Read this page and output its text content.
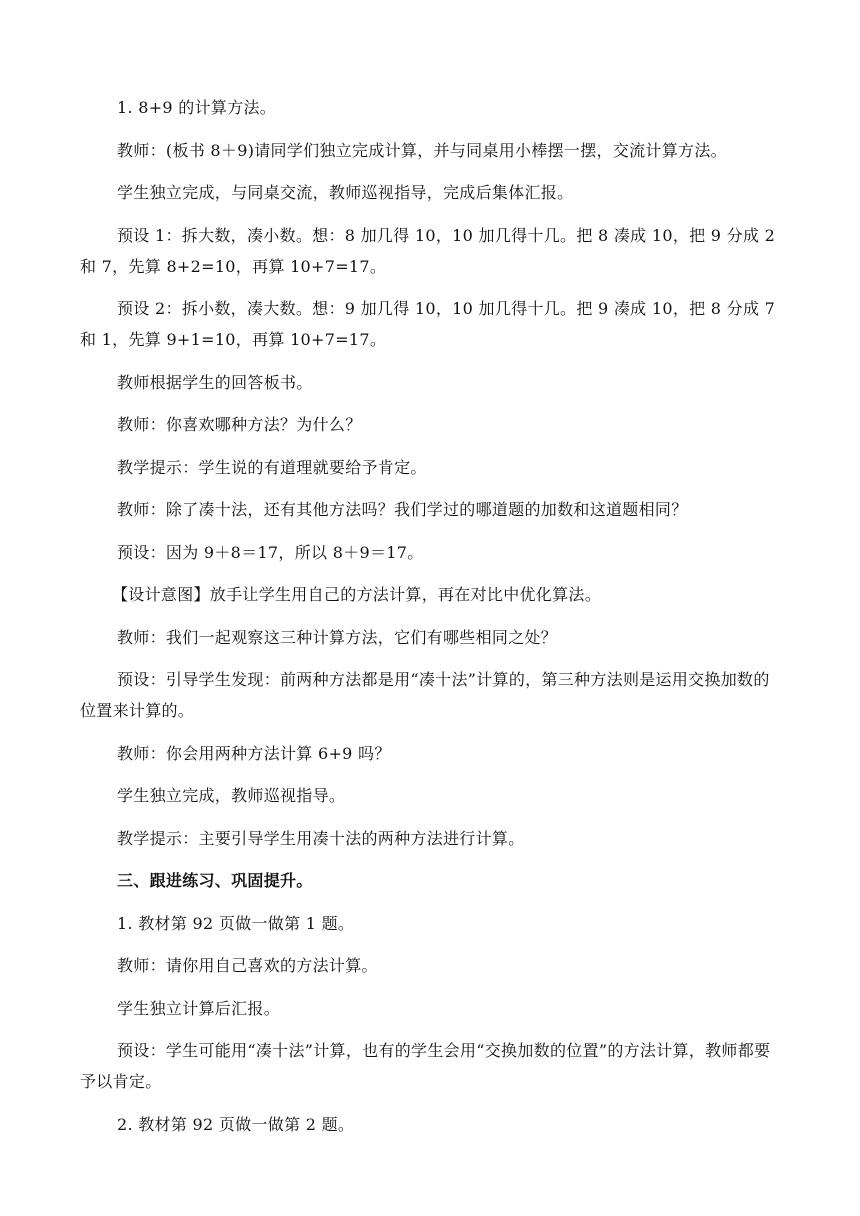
1. 8+9 的计算方法。

教师：(板书 8＋9)请同学们独立完成计算，并与同桌用小棒摆一摆，交流计算方法。

学生独立完成，与同桌交流，教师巡视指导，完成后集体汇报。

预设 1：拆大数，凑小数。想：8 加几得 10，10 加几得十几。把 8 凑成 10，把 9 分成 2 和 7，先算 8+2=10，再算 10+7=17。

预设 2：拆小数，凑大数。想：9 加几得 10，10 加几得十几。把 9 凑成 10，把 8 分成 7 和 1，先算 9+1=10，再算 10+7=17。

教师根据学生的回答板书。

教师：你喜欢哪种方法？为什么？

教学提示：学生说的有道理就要给予肯定。

教师：除了凑十法，还有其他方法吗？我们学过的哪道题的加数和这道题相同？

预设：因为 9＋8＝17，所以 8＋9＝17。

【设计意图】放手让学生用自己的方法计算，再在对比中优化算法。

教师：我们一起观察这三种计算方法，它们有哪些相同之处？

预设：引导学生发现：前两种方法都是用“凑十法”计算的，第三种方法则是运用交换加数的位置来计算的。

教师：你会用两种方法计算 6+9 吗？

学生独立完成，教师巡视指导。

教学提示：主要引导学生用凑十法的两种方法进行计算。

三、跟进练习、巩固提升。

1. 教材第 92 页做一做第 1 题。

教师：请你用自己喜欢的方法计算。

学生独立计算后汇报。

预设：学生可能用“凑十法”计算，也有的学生会用“交换加数的位置”的方法计算，教师都要予以肯定。

2. 教材第 92 页做一做第 2 题。
